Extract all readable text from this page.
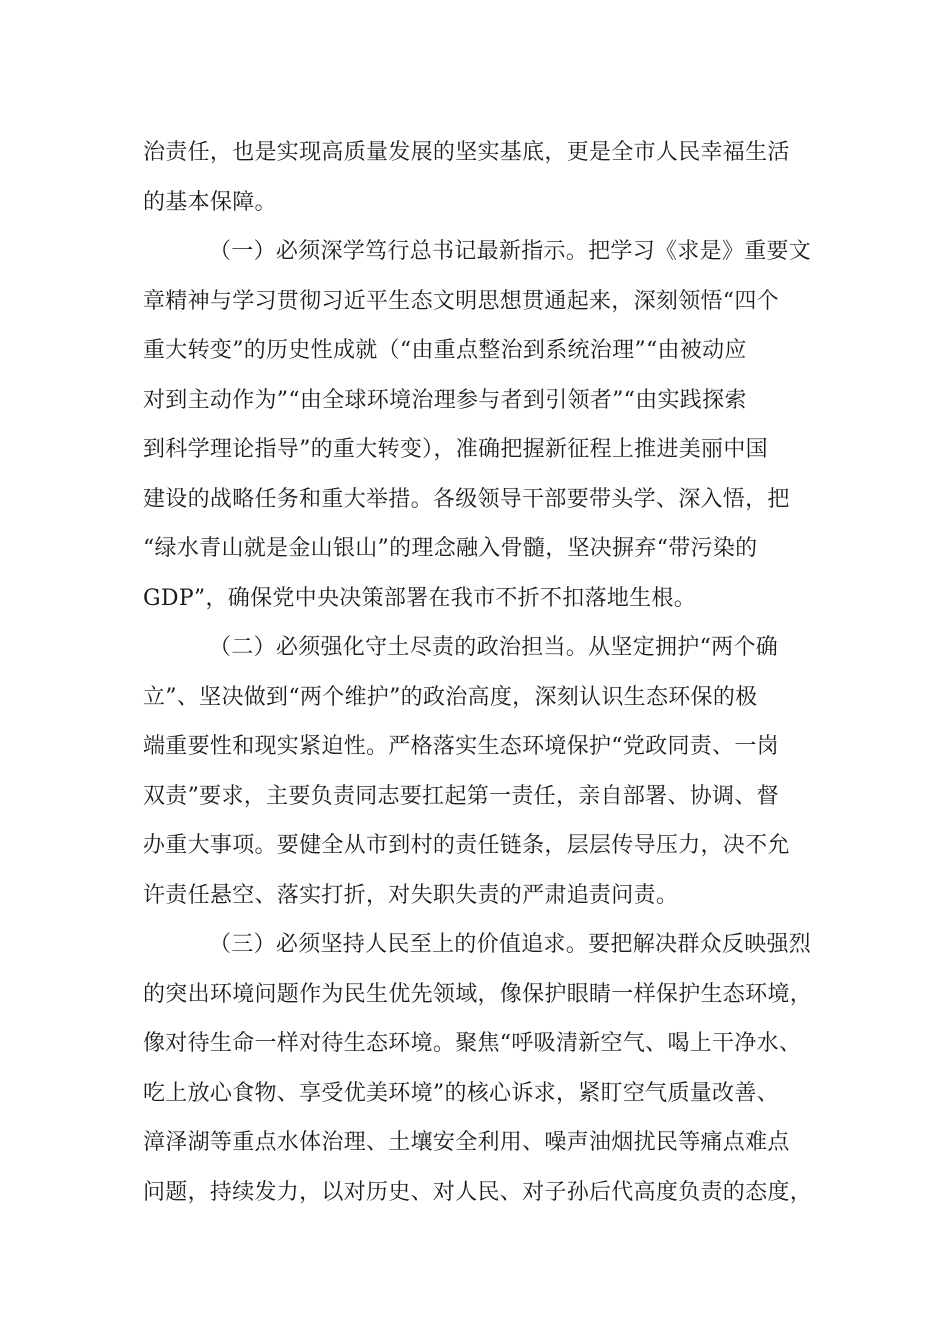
治责任，也是实现高质量发展的坚实基底，更是全市人民幸福生活
的基本保障。
（一）必须深学笃行总书记最新指示。把学习《求是》重要文
章精神与学习贯彻习近平生态文明思想贯通起来，深刻领悟“四个
重大转变”的历史性成就（“由重点整治到系统治理”“由被动应
对到主动作为”“由全球环境治理参与者到引领者”“由实践探索
到科学理论指导”的重大转变），准确把握新征程上推进美丽中国
建设的战略任务和重大举措。各级领导干部要带头学、深入悟，把
“绿水青山就是金山银山”的理念融入骨髓，坚决摒弃“带污染的
GDP”，确保党中央决策部署在我市不折不扣落地生根。
（二）必须强化守土尽责的政治担当。从坚定拥护“两个确
立”、坚决做到“两个维护”的政治高度，深刻认识生态环保的极
端重要性和现实紧迫性。严格落实生态环境保护“党政同责、一岗
双责”要求，主要负责同志要扛起第一责任，亲自部署、协调、督
办重大事项。要健全从市到村的责任链条，层层传导压力，决不允
许责任悬空、落实打折，对失职失责的严肃追责问责。
（三）必须坚持人民至上的价值追求。要把解决群众反映强烈
的突出环境问题作为民生优先领域，像保护眼睛一样保护生态环境，
像对待生命一样对待生态环境。聚焦“呼吸清新空气、喝上干净水、
吃上放心食物、享受优美环境”的核心诉求，紧盯空气质量改善、
漳泽湖等重点水体治理、土壤安全利用、噪声油烟扰民等痛点难点
问题，持续发力，以对历史、对人民、对子孙后代高度负责的态度，
